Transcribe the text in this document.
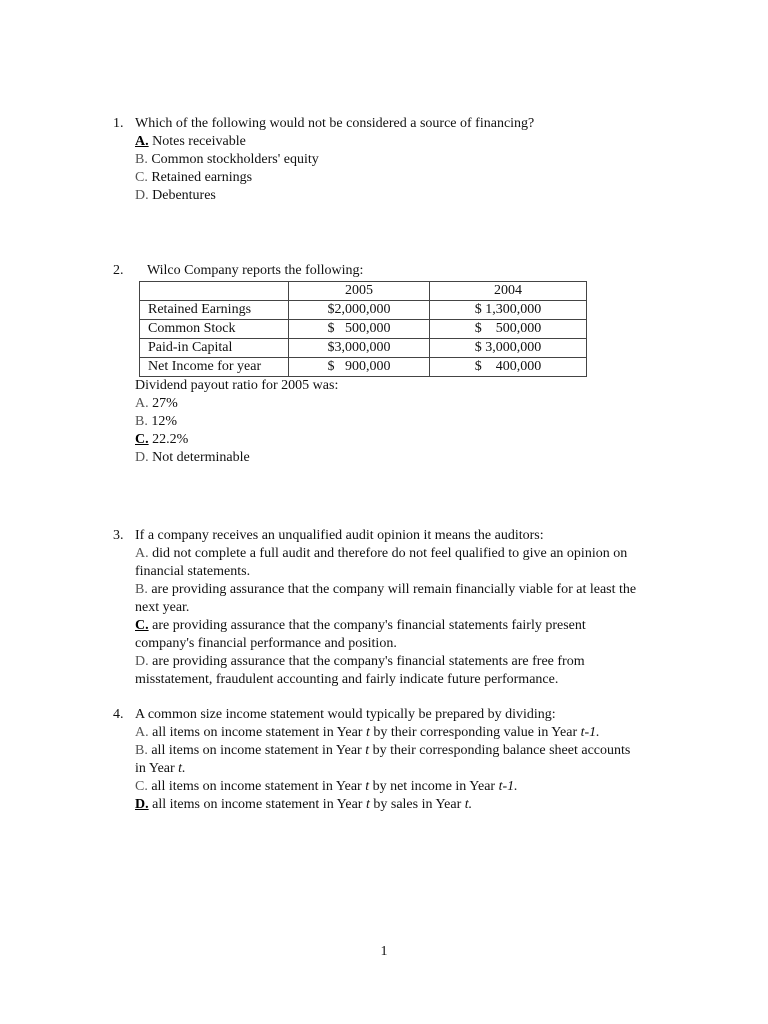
1. Which of the following would not be considered a source of financing?
A. Notes receivable
B. Common stockholders' equity
C. Retained earnings
D. Debentures
2.	Wilco Company reports the following:
	2005	2004
Retained Earnings	$2,000,000	$ 1,300,000
Common Stock	$   500,000	$    500,000
Paid-in Capital	$3,000,000	$ 3,000,000
Net Income for year	$   900,000	$    400,000
Dividend payout ratio for 2005 was:
A. 27%
B. 12%
C. 22.2%
D. Not determinable
3. If a company receives an unqualified audit opinion it means the auditors:
A. did not complete a full audit and therefore do not feel qualified to give an opinion on
financial statements.
B. are providing assurance that the company will remain financially viable for at least the
next year.
C. are providing assurance that the company's financial statements fairly present
company's financial performance and position.
D. are providing assurance that the company's financial statements are free from
misstatement, fraudulent accounting and fairly indicate future performance.
4. A common size income statement would typically be prepared by dividing:
A. all items on income statement in Year t by their corresponding value in Year t-1.
B. all items on income statement in Year t by their corresponding balance sheet accounts
in Year t.
C. all items on income statement in Year t by net income in Year t-1.
D. all items on income statement in Year t by sales in Year t.
1
